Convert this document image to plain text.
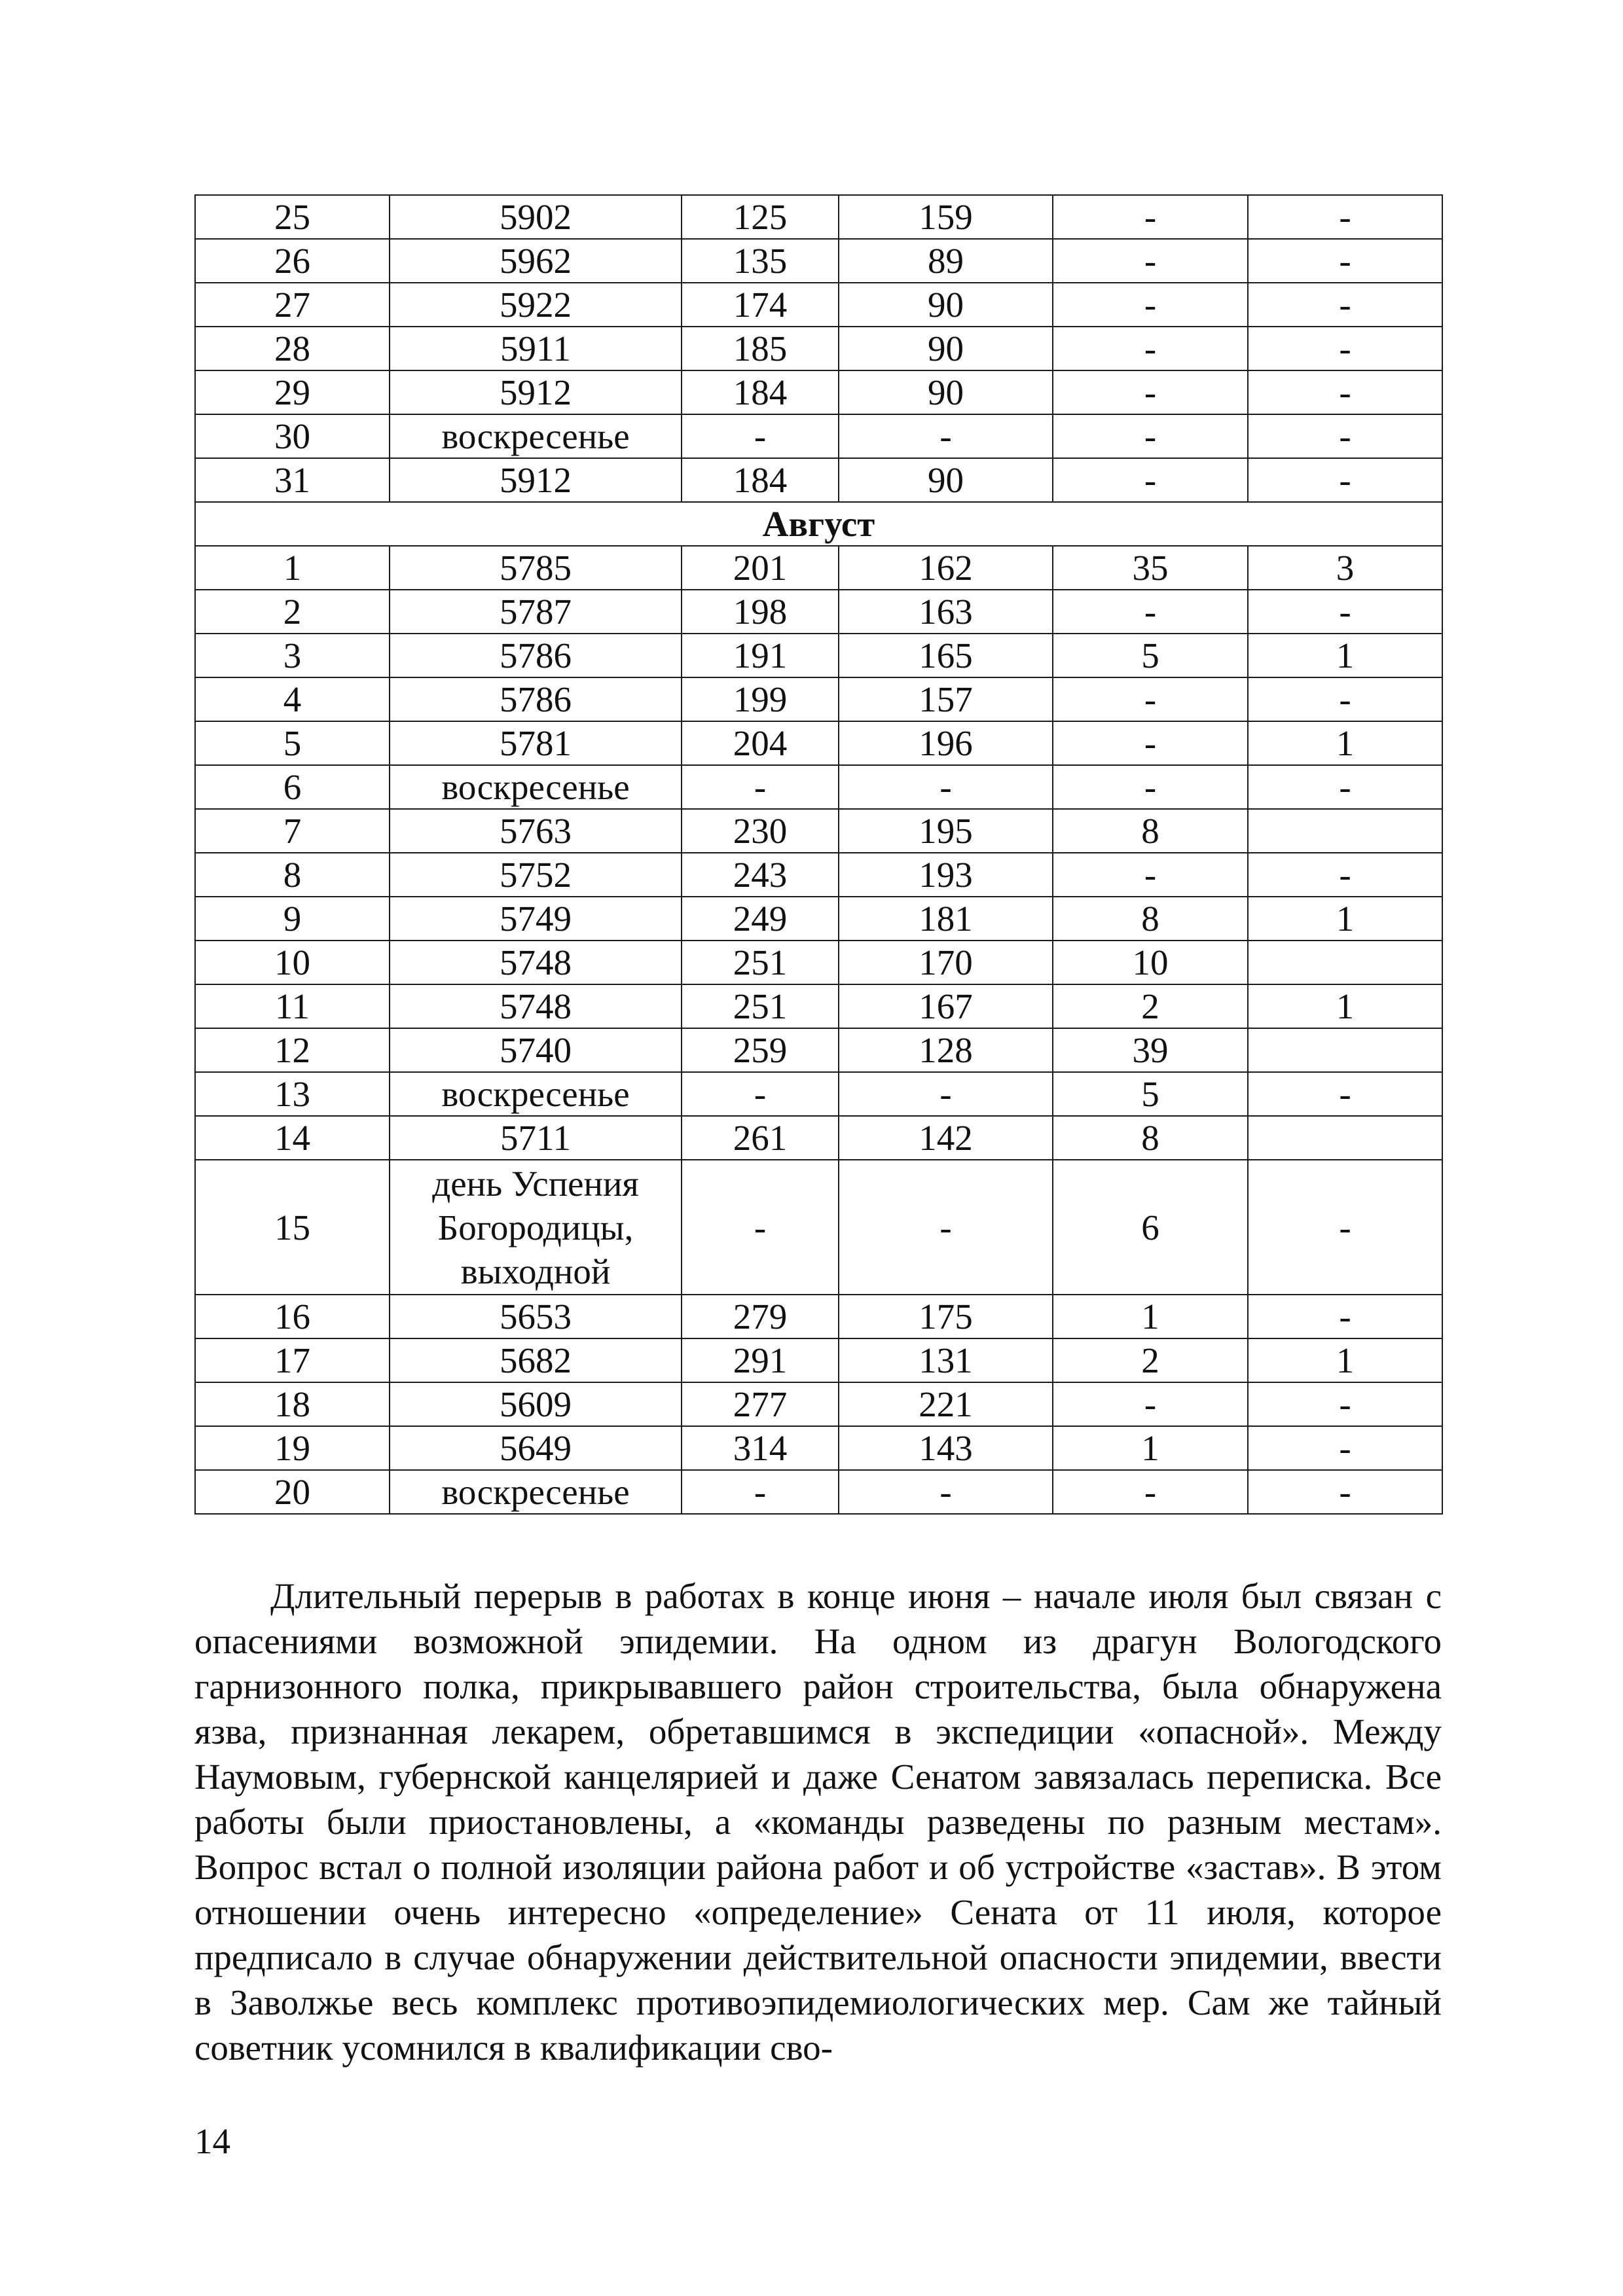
25	5902	125	159	-	-
26	5962	135	89	-	-
27	5922	174	90	-	-
28	5911	185	90	-	-
29	5912	184	90	-	-
30	воскресенье	-	-	-	-
31	5912	184	90	-	-
Август					
1	5785	201	162	35	3
2	5787	198	163	-	-
3	5786	191	165	5	1
4	5786	199	157	-	-
5	5781	204	196	-	1
6	воскресенье	-	-	-	-
7	5763	230	195	8	
8	5752	243	193	-	-
9	5749	249	181	8	1
10	5748	251	170	10	
11	5748	251	167	2	1
12	5740	259	128	39	
13	воскресенье	-	-	5	-
14	5711	261	142	8	
15	день Успения
Богородицы,
выходной	-	-	6	-
16	5653	279	175	1	-
17	5682	291	131	2	1
18	5609	277	221	-	-
19	5649	314	143	1	-
20	воскресенье	-	-	-	-

Длительный перерыв в работах в конце июня – начале июля был связан с опасениями возможной эпидемии. На одном из драгун Вологодского гарнизонного полка, прикрывавшего район строительства, была обнаружена язва, признанная лекарем, обретавшимся в экспедиции «опасной». Между Наумовым, губернской канцелярией и даже Сенатом завязалась переписка. Все работы были приостановлены, а «команды разведены по разным местам». Вопрос встал о полной изоляции района работ и об устройстве «застав». В этом отношении очень интересно «определение» Сената от 11 июля, которое предписало в случае обнаружении действительной опасности эпидемии, ввести в Заволжье весь комплекс противоэпидемиологических мер. Сам же тайный советник усомнился в квалификации сво-

14
